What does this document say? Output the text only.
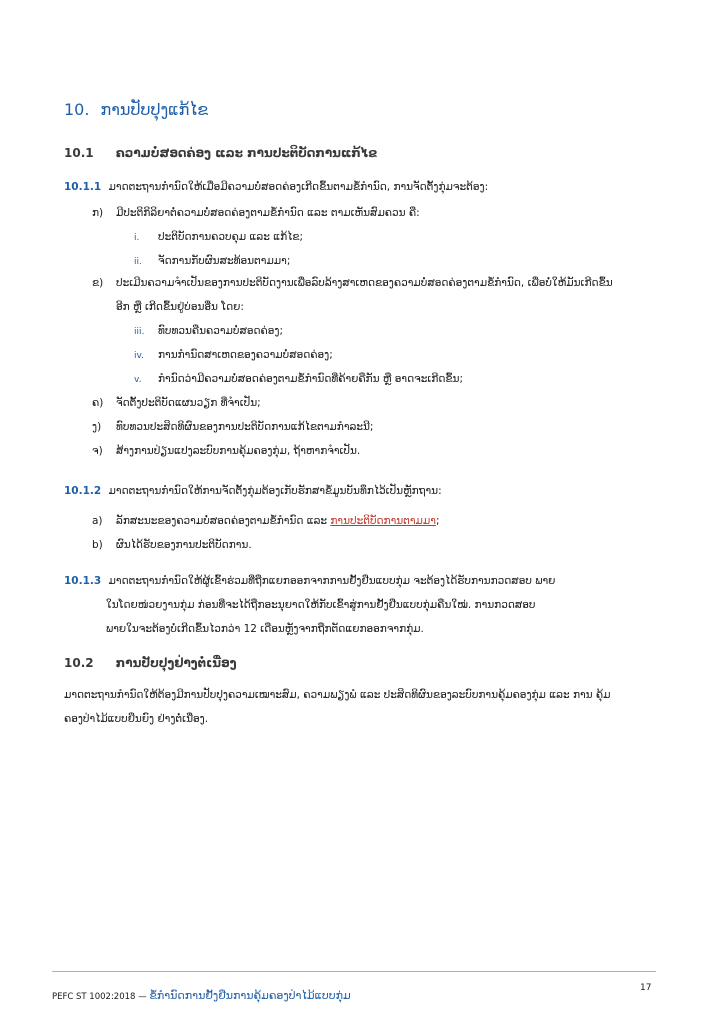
10. ການປັບປຸງແກ້ໄຂ
10.1 ຄວາມບໍ່ສອດຄ່ອງ ແລະ ການປະຕິບັດການແກ້ໄຂ
10.1.1 ມາດຕະຖານກຳນົດໃຫ້ເມື່ອມີຄວາມບໍ່ສອດຄ່ອງເກີດຂຶ້ນຕາມຂໍ້ກຳນົດ, ການຈັດຕັ້ງກຸ່ມຈະຕ້ອງ:
ກ) ມີປະຕິກິລິຍາຕໍ່ຄວາມບໍ່ສອດຄ່ອງຕາມຂໍ້ກຳນົດ ແລະ ຕາມເຫັນສົມຄວນ ຄື:
i. ປະຕິບັດການຄວບຄຸມ ແລະ ແກ້ໄຂ;
ii. ຈັດການກັບຜົນສະທ້ອນຕາມມາ;
ຂ) ປະເມີນຄວາມຈຳເປັນຂອງການປະຕິບັດງານເພື່ອລົບລ້າງສາເຫດຂອງຄວາມບໍ່ສອດຄ່ອງຕາມຂໍ້ກຳນົດ, ເພື່ອບໍ່ໃຫ້ມັນເກີດຂຶ້ນ
ອີກ ຫຼື ເກີດຂຶ້ນຢູ່ບ່ອນອື່ນ ໂດຍ:
iii. ທົບທວນຄືນຄວາມບໍ່ສອດຄ່ອງ;
iv. ການກຳນົດສາເຫດຂອງຄວາມບໍ່ສອດຄ່ອງ;
v. ກຳນົດວ່າມີຄວາມບໍ່ສອດຄ່ອງຕາມຂໍ້ກຳນົດທີ່ຄ້າຍຄືກັນ ຫຼື ອາດຈະເກີດຂຶ້ນ;
ຄ) ຈັດຕັ້ງປະຕິບັດແຜນວຽກ ທີ່ຈຳເປັນ;
ງ) ທົບທວນປະສິດທິຜົນຂອງການປະຕິບັດການແກ້ໄຂຕາມກຳລະນີ;
ຈ) ສ້າງການປ່ຽນແປງລະບົບການຄຸ້ມຄອງກຸ່ມ, ຖ້າຫາກຈຳເປັນ.
10.1.2 ມາດຕະຖານກຳນົດໃຫ້ການຈັດຕັ້ງກຸ່ມຕ້ອງເກັບຮັກສາຂໍ້ມູນບັນທຶກໄວ້ເປັນຫຼັກຖານ:
a) ລັກສະນະຂອງຄວາມບໍ່ສອດຄ່ອງຕາມຂໍ້ກຳນົດ ແລະ ການປະຕິບັດການຕາມມາ;
b) ຜົນໄດ້ຮັບຂອງການປະຕິບັດການ.
10.1.3 ມາດຕະຖານກຳນົດໃຫ້ຜູ້ເຂົ້າຮ່ວມທີ່ຖືກແຍກອອກຈາກການຢັ້ງຢືນແບບກຸ່ມ ຈະຕ້ອງໄດ້ຮັບການກວດສອບ ພາຍ
ໃນໂດຍໜ່ວຍງານກຸ່ມ ກ່ອນທີ່ຈະໄດ້ຖືກອະນຸຍາດໃຫ້ກັບເຂົ້າສູ່ການຢັ້ງຢືນແບບກຸ່ມຄືນໃໝ່. ການກວດສອບ
ພາຍໃນຈະຕ້ອງບໍ່ເກີດຂຶ້ນໄວກວ່າ 12 ເດືອນຫຼັງຈາກຖືກຕັດແຍກອອກຈາກກຸ່ມ.
10.2 ການປັບປຸງຢ່າງຕໍ່ເນື່ອງ
ມາດຕະຖານກຳນົດໃຫ້ຕ້ອງມີການປັບປຸງຄວາມເໝາະສົມ, ຄວາມພຽງພໍ ແລະ ປະສິດທິຜົນຂອງລະບົບການຄຸ້ມຄອງກຸ່ມ ແລະ ການ ຄຸ້ມ
ຄອງປ່າໄມ້ແບບຍືນຍົງ ຢ່າງຕໍ່ເນື່ອງ.
PEFC ST 1002:2018 — ຂໍ້ກຳນົດການຢັ້ງຢືນການຄຸ້ມຄອງປ່າໄມ້ແບບກຸ່ມ
17
